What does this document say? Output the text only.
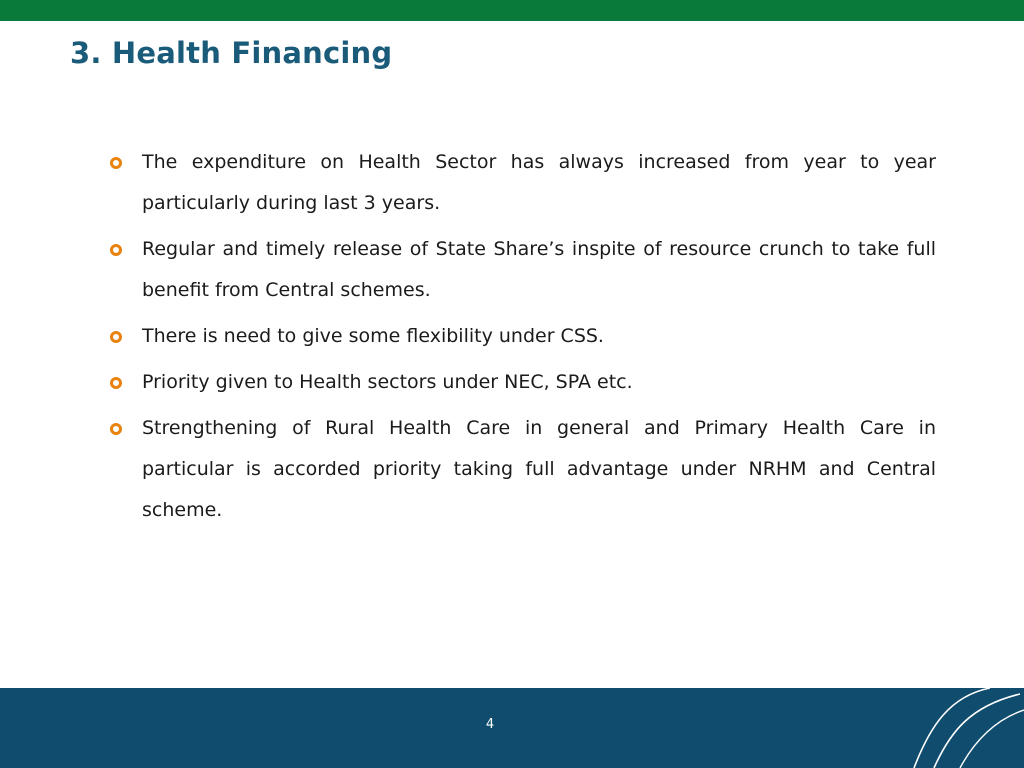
3. Health Financing
The expenditure on Health Sector has always increased from year to year particularly during last 3 years.
Regular and timely release of State Share’s inspite of resource crunch to take full benefit from Central schemes.
There is need to give some flexibility under CSS.
Priority given to Health sectors under NEC, SPA etc.
Strengthening of Rural Health Care in general and Primary Health Care in particular is accorded priority taking full advantage under NRHM and Central scheme.
4
